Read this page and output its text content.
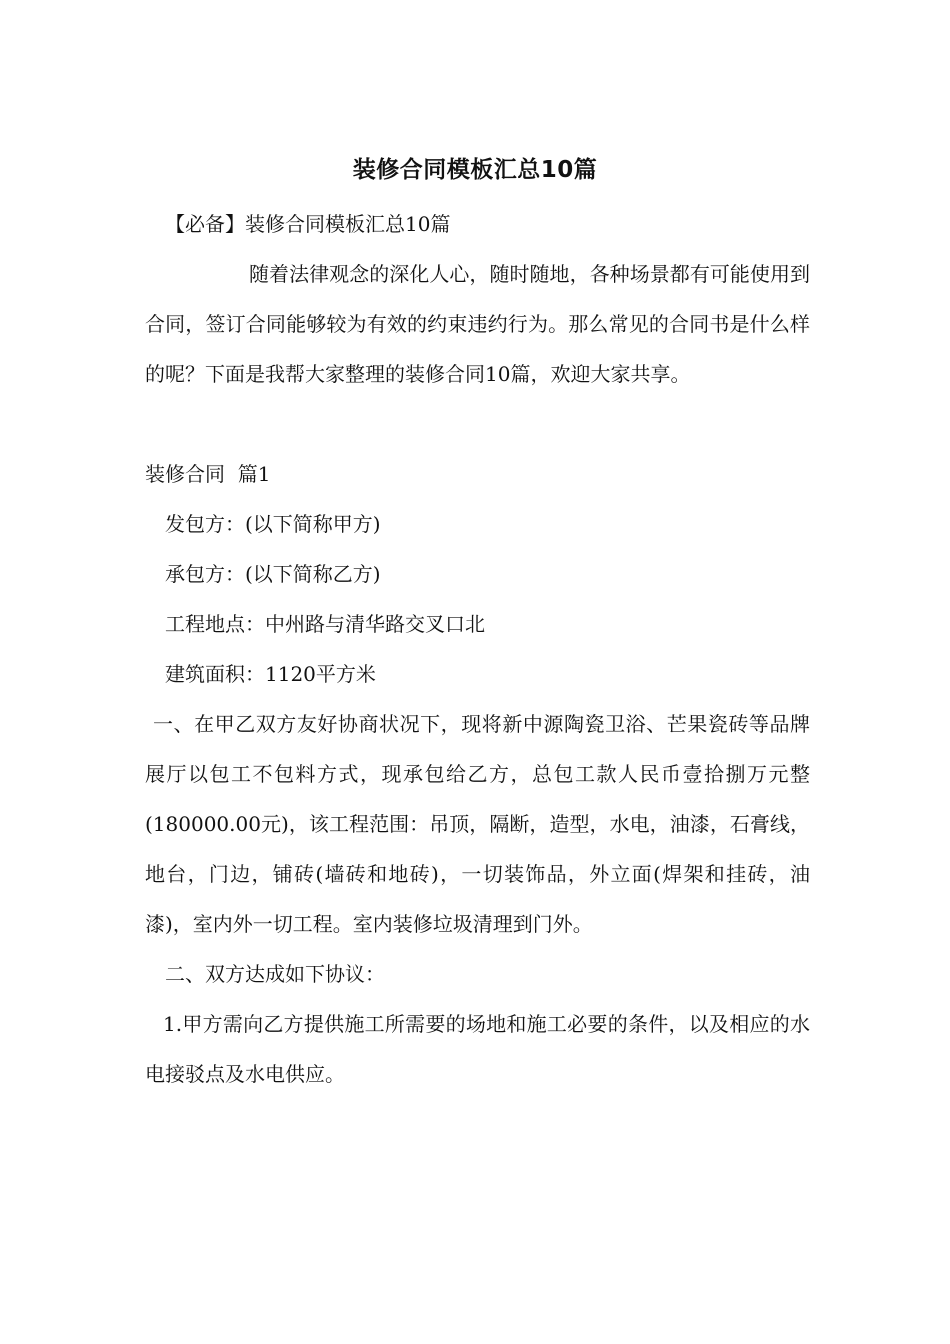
装修合同模板汇总10篇

【必备】装修合同模板汇总10篇

随着法律观念的深化人心，随时随地，各种场景都有可能使用到合同，签订合同能够较为有效的约束违约行为。那么常见的合同书是什么样的呢？下面是我帮大家整理的装修合同10篇，欢迎大家共享。

装修合同  篇1

发包方：(以下简称甲方)

承包方：(以下简称乙方)

工程地点：中州路与清华路交叉口北

建筑面积：1120平方米

一、在甲乙双方友好协商状况下，现将新中源陶瓷卫浴、芒果瓷砖等品牌展厅以包工不包料方式，现承包给乙方，总包工款人民币壹拾捌万元整(180000.00元)，该工程范围：吊顶，隔断，造型，水电，油漆，石膏线，地台，门边，铺砖(墙砖和地砖)，一切装饰品，外立面(焊架和挂砖，油漆)，室内外一切工程。室内装修垃圾清理到门外。

二、双方达成如下协议：

1.甲方需向乙方提供施工所需要的场地和施工必要的条件，以及相应的水电接驳点及水电供应。
